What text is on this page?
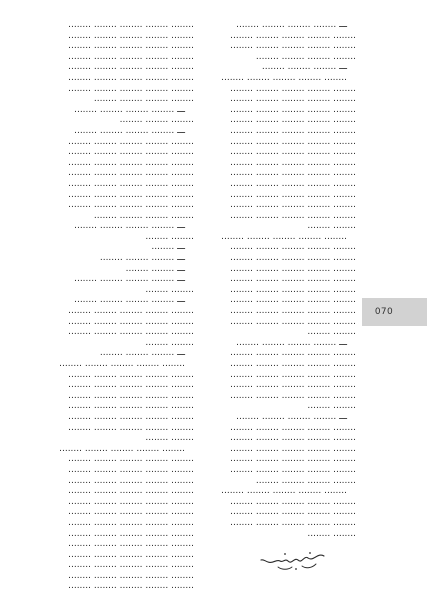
ـــ ........ ........ ........ ........
........ ........ ........ ........ ........
........ ........ ........ ........ ........
........ ........ ........ ........
ـــ ........ ........ ........
........ ........ ........ ........ ........
........ ........ ........ ........ ........
........ ........ ........ ........ ........
........ ........ ........ ........ ........
........ ........ ........ ........ ........
........ ........ ........ ........ ........
........ ........ ........ ........ ........
........ ........ ........ ........ ........
........ ........ ........ ........ ........
........ ........ ........ ........ ........
........ ........ ........ ........ ........
........ ........ ........ ........ ........
........ ........ ........ ........ ........
........ ........ ........ ........ ........
........ ........
........ ........ ........ ........ ........
........ ........ ........ ........ ........
........ ........ ........ ........ ........
........ ........ ........ ........ ........
........ ........ ........ ........ ........
........ ........ ........ ........ ........
........ ........ ........ ........ ........
........ ........ ........ ........ ........
........ ........ ........ ........ ........
........ ........
ـــ ........ ........ ........ ........
........ ........ ........ ........ ........
........ ........ ........ ........ ........
........ ........ ........ ........ ........
........ ........ ........ ........ ........
........ ........ ........ ........ ........
........ ........
ـــ ........ ........ ........ ........
........ ........ ........ ........ ........
........ ........ ........ ........ ........
........ ........ ........ ........ ........
........ ........ ........ ........ ........
........ ........ ........ ........ ........
........ ........ ........ ........
........ ........ ........ ........ ........
........ ........ ........ ........ ........
........ ........ ........ ........ ........
........ ........ ........ ........ ........
........ ........
........ ........ ........ ........ ........
........ ........ ........ ........ ........
........ ........ ........ ........ ........
........ ........ ........ ........ ........
........ ........ ........ ........ ........
........ ........ ........ ........ ........
........ ........ ........ ........ ........
........ ........ ........ ........
ـــ ........ ........ ........ ........
........ ........ ........
ـــ ........ ........ ........ ........
........ ........ ........ ........ ........
........ ........ ........ ........ ........
........ ........ ........ ........ ........
........ ........ ........ ........ ........
........ ........ ........ ........ ........
........ ........ ........ ........ ........
........ ........ ........ ........ ........
........ ........ ........ ........
ـــ ........ ........ ........ ........
........ ........
ـــ ........
ـــ ........ ........ ........
ـــ ........ ........
ـــ ........ ........ ........ ........
........ ........
ـــ ........ ........ ........ ........
........ ........ ........ ........ ........
........ ........ ........ ........ ........
........ ........ ........ ........ ........
........ ........
ـــ ........ ........ ........
........ ........ ........ ........ ........
........ ........ ........ ........ ........
........ ........ ........ ........ ........
........ ........ ........ ........ ........
........ ........ ........ ........ ........
........ ........ ........ ........ ........
........ ........ ........ ........ ........
........ ........
........ ........ ........ ........ ........
........ ........ ........ ........ ........
........ ........ ........ ........ ........
........ ........ ........ ........ ........
........ ........ ........ ........ ........
........ ........ ........ ........ ........
........ ........ ........ ........ ........
........ ........ ........ ........ ........
........ ........ ........ ........ ........
........ ........ ........ ........ ........
........ ........ ........ ........ ........
........ ........ ........ ........ ........
........ ........ ........ ........ ........
........ ........ ........ ........ ........
070
